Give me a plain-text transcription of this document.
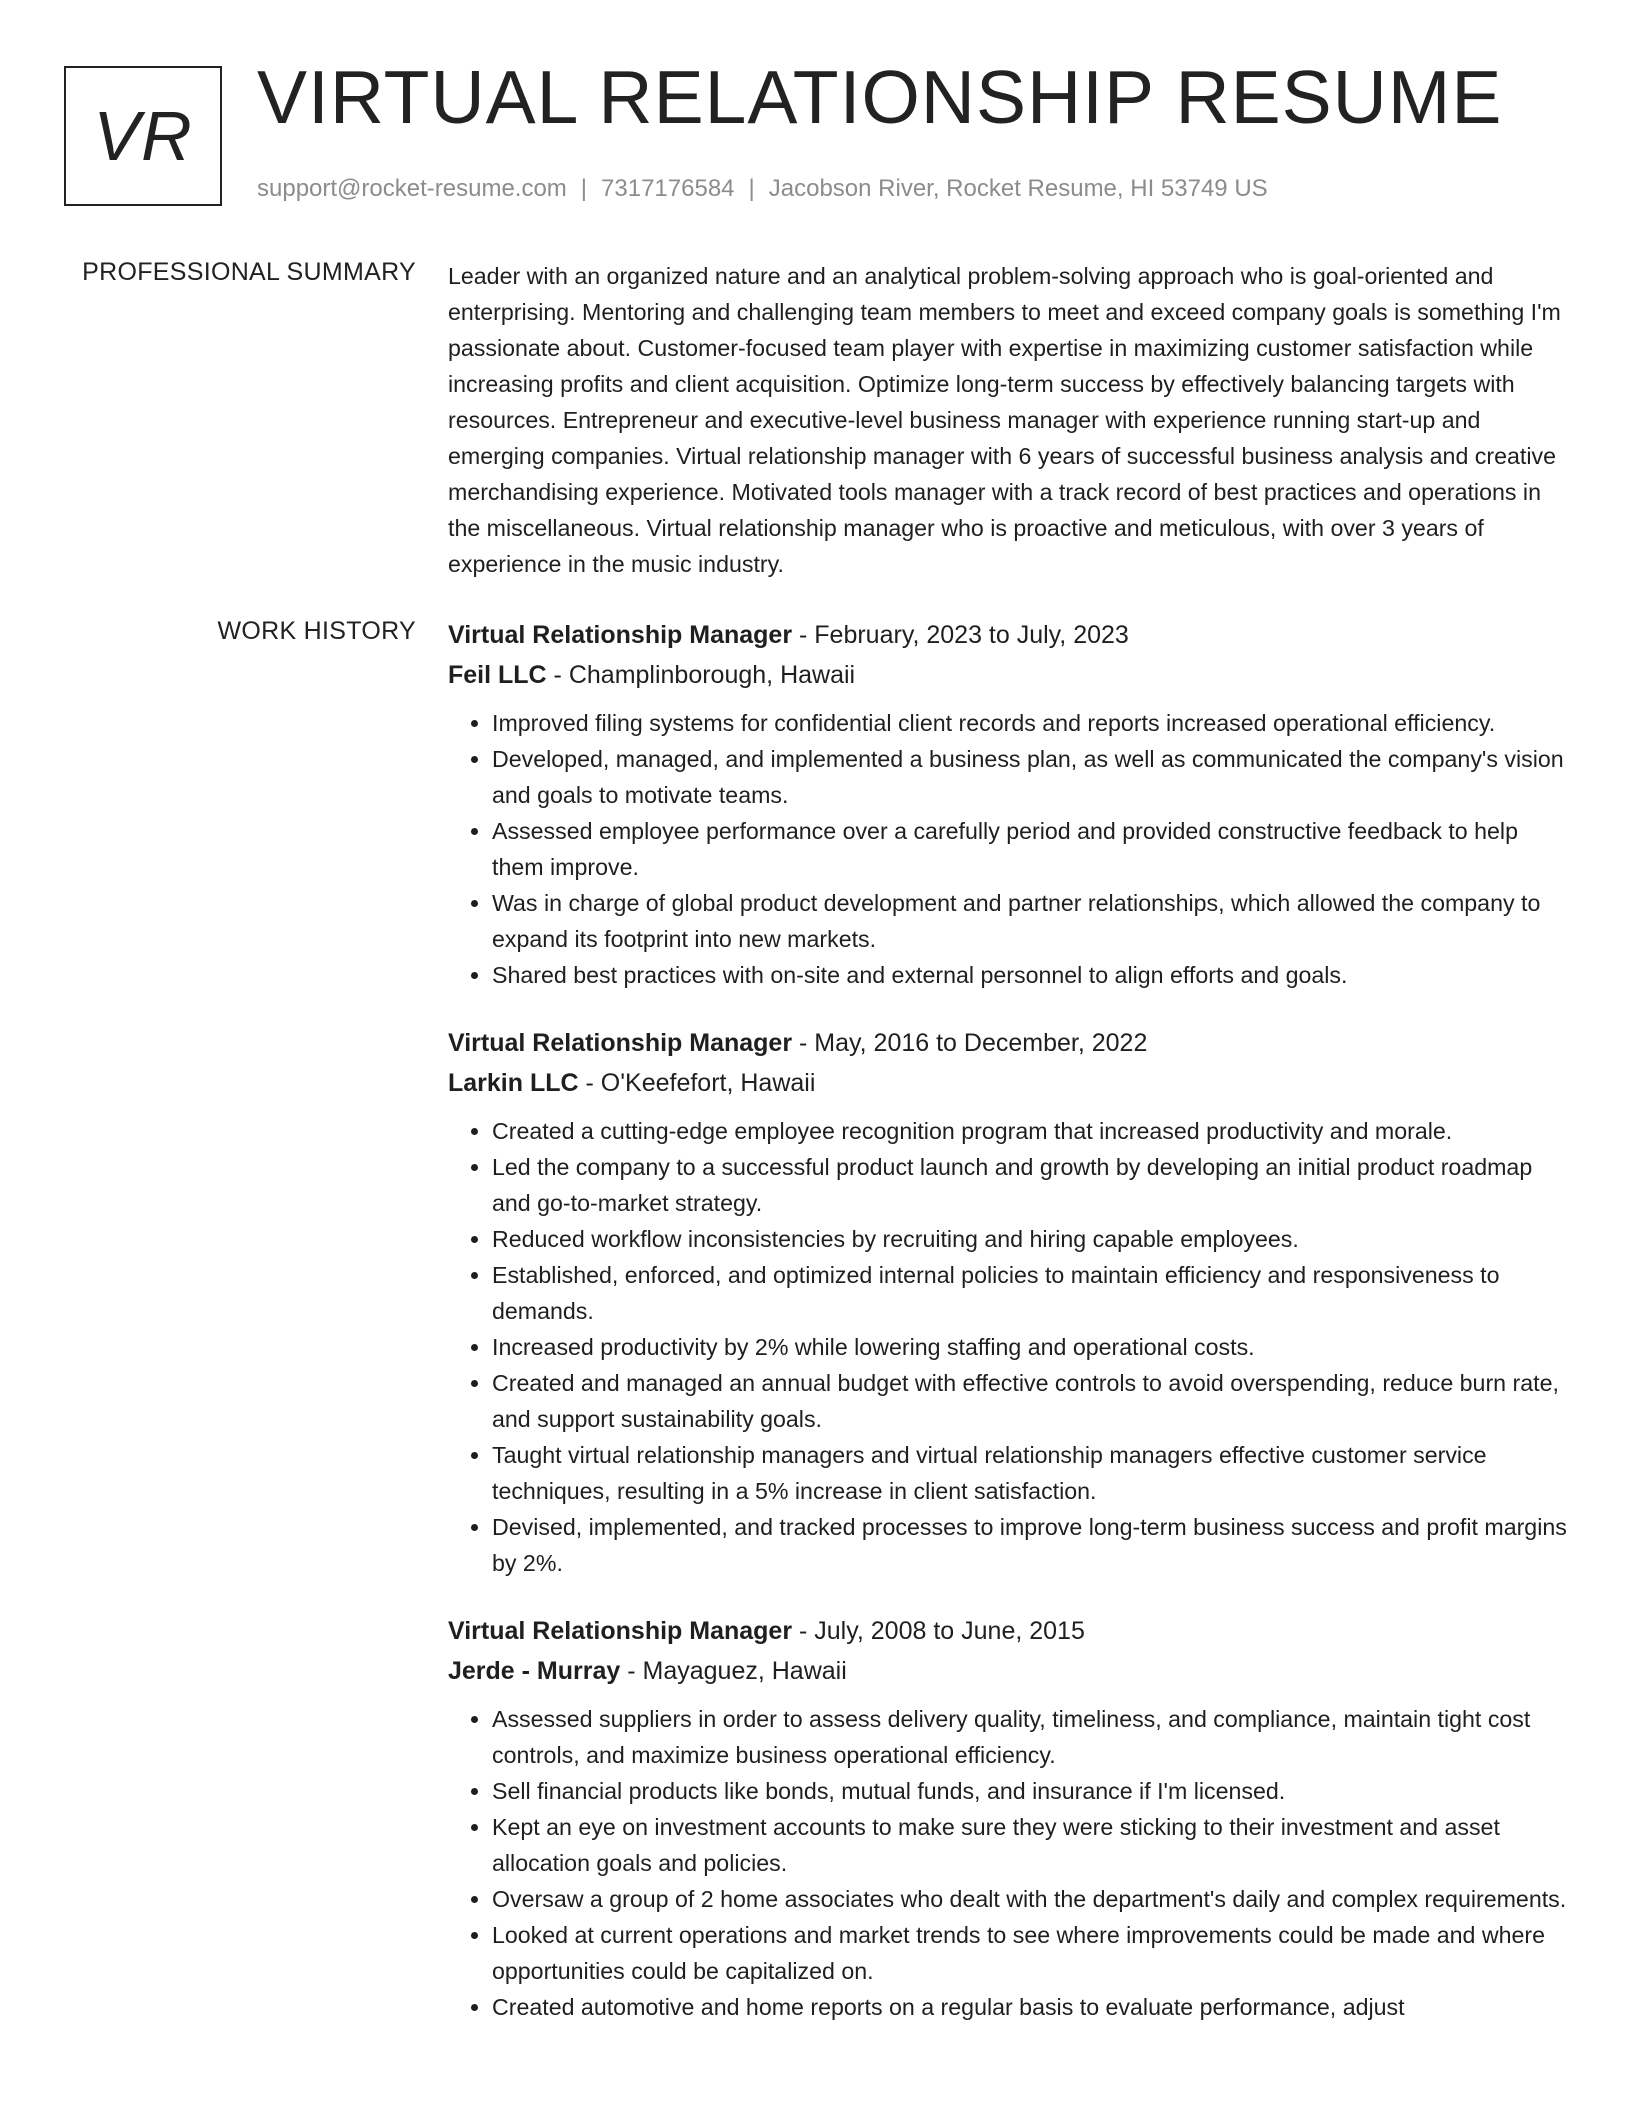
VR VIRTUAL RELATIONSHIP RESUME
support@rocket-resume.com | 7317176584 | Jacobson River, Rocket Resume, HI 53749 US
PROFESSIONAL SUMMARY Leader with an organized nature and an analytical problem-solving approach who is goal-oriented and enterprising. Mentoring and challenging team members to meet and exceed company goals is something I'm passionate about. Customer-focused team player with expertise in maximizing customer satisfaction while increasing profits and client acquisition. Optimize long-term success by effectively balancing targets with resources. Entrepreneur and executive-level business manager with experience running start-up and emerging companies. Virtual relationship manager with 6 years of successful business analysis and creative merchandising experience. Motivated tools manager with a track record of best practices and operations in the miscellaneous. Virtual relationship manager who is proactive and meticulous, with over 3 years of experience in the music industry.

WORK HISTORY Virtual Relationship Manager - February, 2023 to July, 2023
Feil LLC - Champlinborough, Hawaii
• Improved filing systems for confidential client records and reports increased operational efficiency.
• Developed, managed, and implemented a business plan, as well as communicated the company's vision and goals to motivate teams.
• Assessed employee performance over a carefully period and provided constructive feedback to help them improve.
• Was in charge of global product development and partner relationships, which allowed the company to expand its footprint into new markets.
• Shared best practices with on-site and external personnel to align efforts and goals.
Virtual Relationship Manager - May, 2016 to December, 2022
Larkin LLC - O'Keefefort, Hawaii
• Created a cutting-edge employee recognition program that increased productivity and morale.
• Led the company to a successful product launch and growth by developing an initial product roadmap and go-to-market strategy.
• Reduced workflow inconsistencies by recruiting and hiring capable employees.
• Established, enforced, and optimized internal policies to maintain efficiency and responsiveness to demands.
• Increased productivity by 2% while lowering staffing and operational costs.
• Created and managed an annual budget with effective controls to avoid overspending, reduce burn rate, and support sustainability goals.
• Taught virtual relationship managers and virtual relationship managers effective customer service techniques, resulting in a 5% increase in client satisfaction.
• Devised, implemented, and tracked processes to improve long-term business success and profit margins by 2%.
Virtual Relationship Manager - July, 2008 to June, 2015
Jerde - Murray - Mayaguez, Hawaii
• Assessed suppliers in order to assess delivery quality, timeliness, and compliance, maintain tight cost controls, and maximize business operational efficiency.
• Sell financial products like bonds, mutual funds, and insurance if I'm licensed.
• Kept an eye on investment accounts to make sure they were sticking to their investment and asset allocation goals and policies.
• Oversaw a group of 2 home associates who dealt with the department's daily and complex requirements.
• Looked at current operations and market trends to see where improvements could be made and where opportunities could be capitalized on.
• Created automotive and home reports on a regular basis to evaluate performance, adjust
